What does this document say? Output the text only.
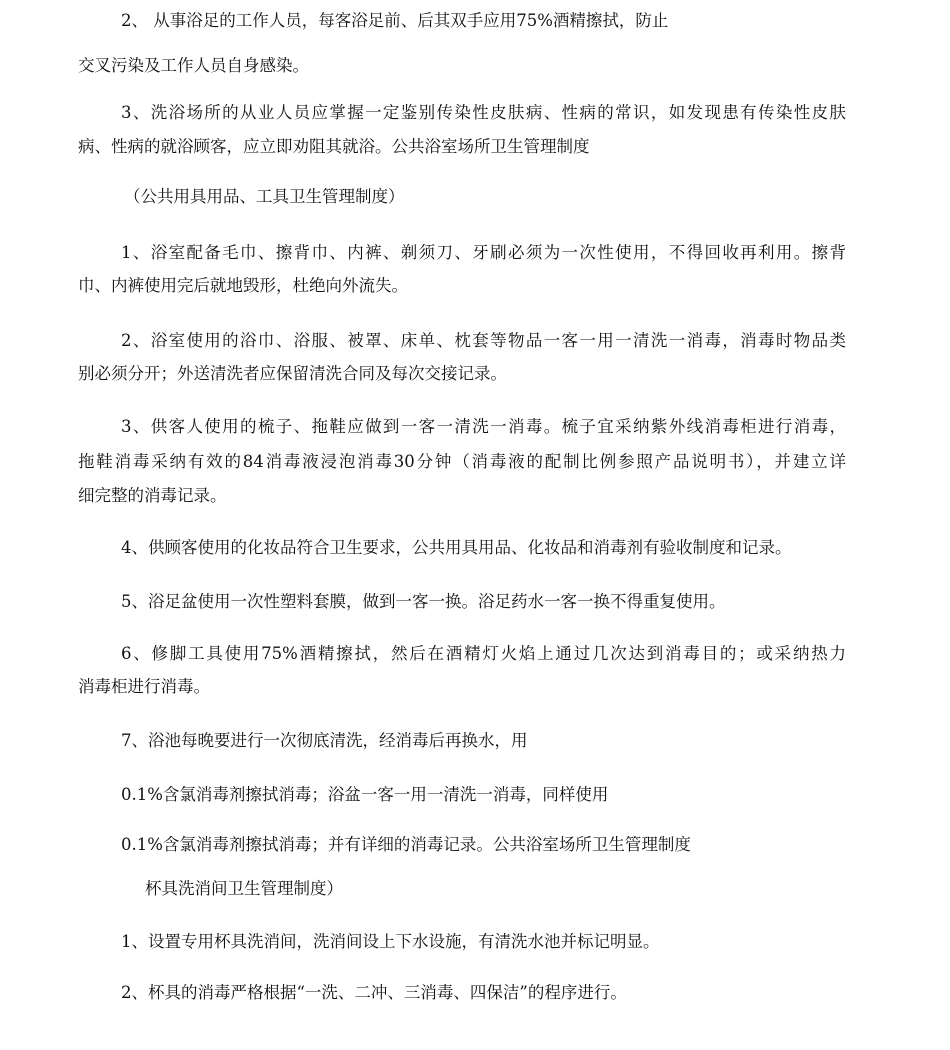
2、 从事浴足的工作人员，每客浴足前、后其双手应用75%酒精擦拭，防止

交叉污染及工作人员自身感染。

3、洗浴场所的从业人员应掌握一定鉴别传染性皮肤病、性病的常识，如发现患有传染性皮肤

病、性病的就浴顾客，应立即劝阻其就浴。公共浴室场所卫生管理制度

（公共用具用品、工具卫生管理制度）

1、浴室配备毛巾、擦背巾、内裤、剃须刀、牙刷必须为一次性使用，不得回收再利用。擦背

巾、内裤使用完后就地毁形，杜绝向外流失。

2、浴室使用的浴巾、浴服、被罩、床单、枕套等物品一客一用一清洗一消毒，消毒时物品类

别必须分开；外送清洗者应保留清洗合同及每次交接记录。

3、供客人使用的梳子、拖鞋应做到一客一清洗一消毒。梳子宜采纳紫外线消毒柜进行消毒，

拖鞋消毒采纳有效的84消毒液浸泡消毒30分钟（消毒液的配制比例参照产品说明书），并建立详

细完整的消毒记录。

4、供顾客使用的化妆品符合卫生要求，公共用具用品、化妆品和消毒剂有验收制度和记录。

5、浴足盆使用一次性塑料套膜，做到一客一换。浴足药水一客一换不得重复使用。

6、修脚工具使用75%酒精擦拭，然后在酒精灯火焰上通过几次达到消毒目的；或采纳热力

消毒柜进行消毒。

7、浴池每晚要进行一次彻底清洗，经消毒后再换水，用

0.1%含氯消毒剂擦拭消毒；浴盆一客一用一清洗一消毒，同样使用

0.1%含氯消毒剂擦拭消毒；并有详细的消毒记录。公共浴室场所卫生管理制度

杯具洗消间卫生管理制度）

1、设置专用杯具洗消间，洗消间设上下水设施，有清洗水池并标记明显。

2、杯具的消毒严格根据“一洗、二冲、三消毒、四保洁”的程序进行。
